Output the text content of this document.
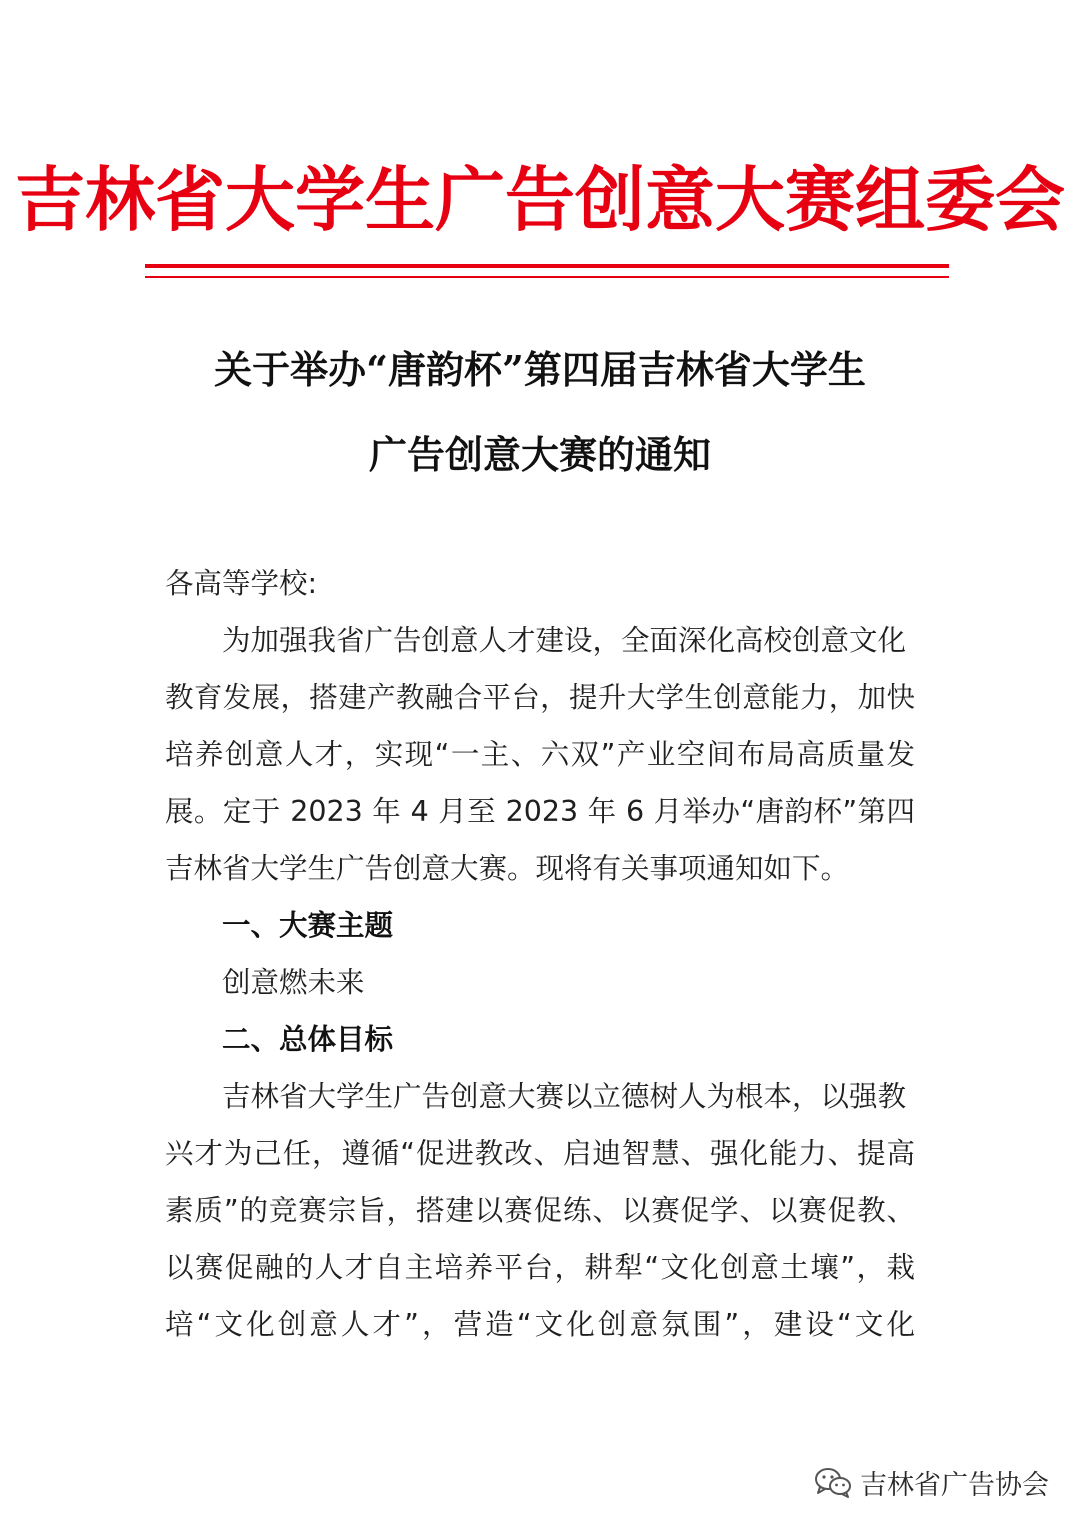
吉林省大学生广告创意大赛组委会
关于举办“唐韵杯”第四届吉林省大学生
广告创意大赛的通知
各高等学校:
为加强我省广告创意人才建设，全面深化高校创意文化
教育发展，搭建产教融合平台，提升大学生创意能力，加快
培养创意人才，实现“一主、六双”产业空间布局高质量发
展。定于 2023 年 4 月至 2023 年 6 月举办“唐韵杯”第四
吉林省大学生广告创意大赛。现将有关事项通知如下。
一、大赛主题
创意燃未来
二、总体目标
吉林省大学生广告创意大赛以立德树人为根本，以强教
兴才为己任，遵循“促进教改、启迪智慧、强化能力、提高
素质”的竞赛宗旨，搭建以赛促练、以赛促学、以赛促教、
以赛促融的人才自主培养平台，耕犁“文化创意土壤”，栽
培“文化创意人才”，营造“文化创意氛围”，建设“文化
吉林省广告协会
